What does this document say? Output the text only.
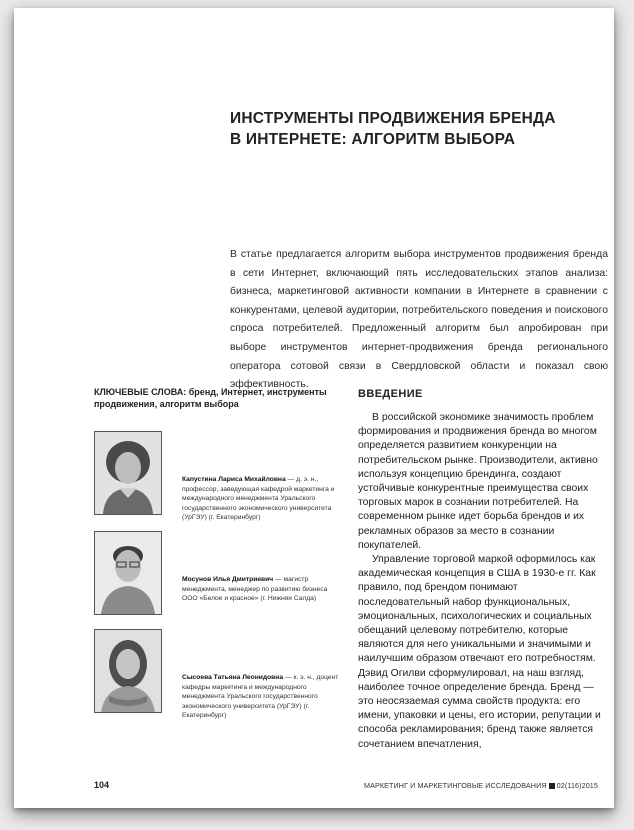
ИНСТРУМЕНТЫ ПРОДВИЖЕНИЯ БРЕНДА
В ИНТЕРНЕТЕ: АЛГОРИТМ ВЫБОРА
В статье предлагается алгоритм выбора инструментов продвижения бренда в сети Интернет, включающий пять исследовательских этапов анализа: бизнеса, маркетинговой активности компании в Интернете в сравнении с конкурентами, целевой аудитории, потребительского поведения и поискового спроса потребителей. Предложенный алгоритм был апробирован при выборе инструментов интернет-продвижения бренда регионального оператора сотовой связи в Свердловской области и показал свою эффективность.
КЛЮЧЕВЫЕ СЛОВА: бренд, Интернет, инструменты продвижения, алгоритм выбора
Капустина Лариса Михайловна — д. э. н., профессор, заведующая кафедрой маркетинга и международного менеджмента Уральского государственного экономического университета (УрГЭУ) (г. Екатеринбург)
Мосунов Илья Дмитриевич — магистр менеджмента, менеджер по развитию бизнеса ООО «Белое и красное» (г. Нижняя Салда)
Сысоева Татьяна Леонидовна — к. э. н., доцент кафедры маркетинга и международного менеджмента Уральского государственного экономического университета (УрГЭУ) (г. Екатеринбург)
ВВЕДЕНИЕ

В российской экономике значимость проблем формирования и продвижения бренда во многом определяется развитием конкуренции на потребительском рынке. Производители, активно используя концепцию брендинга, создают устойчивые конкурентные преимущества своих торговых марок в сознании потребителей. На современном рынке идет борьба брендов и их рекламных образов за место в сознании покупателей.

Управление торговой маркой оформилось как академическая концепция в США в 1930-е гг. Как правило, под брендом понимают последовательный набор функциональных, эмоциональных, психологических и социальных обещаний целевому потребителю, которые являются для него уникальными и значимыми и наилучшим образом отвечают его потребностям. Дэвид Огилви сформулировал, на наш взгляд, наиболее точное определение бренда. Бренд — это неосязаемая сумма свойств продукта: его имени, упаковки и цены, его истории, репутации и способа рекламирования; бренд также является сочетанием впечатления,

104	МАРКЕТИНГ И МАРКЕТИНГОВЫЕ ИССЛЕДОВАНИЯ 02(116)2015
